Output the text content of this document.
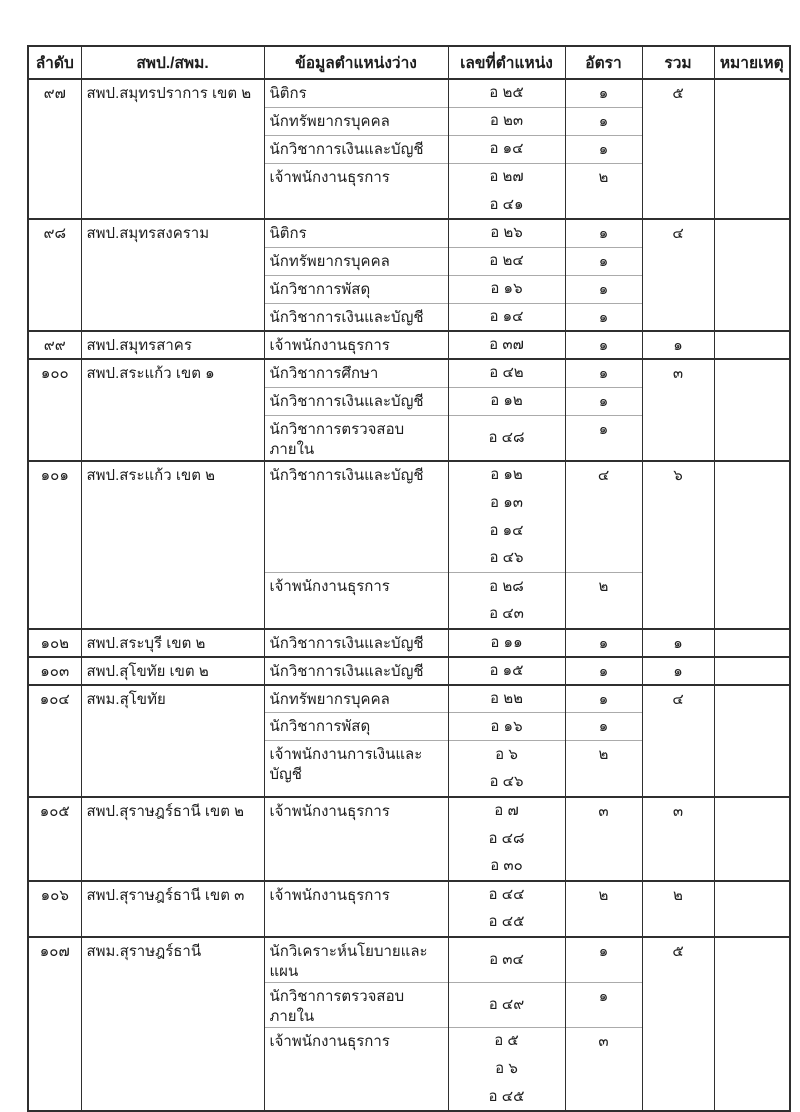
ลำดับ	สพป./สพม.	ข้อมูลตำแหน่งว่าง	เลขที่ตำแหน่ง	อัตรา	รวม	หมายเหตุ
๙๗	สพป.สมุทรปราการ เขต ๒	นิติกร	อ ๒๕	๑	๕	
		นักทรัพยากรบุคคล	อ ๒๓	๑		
		นักวิชาการเงินและบัญชี	อ ๑๔	๑		
		เจ้าพนักงานธุรการ	อ ๒๗	๒		
			อ ๔๑			
๙๘	สพป.สมุทรสงคราม	นิติกร	อ ๒๖	๑	๔	
		นักทรัพยากรบุคคล	อ ๒๔	๑		
		นักวิชาการพัสดุ	อ ๑๖	๑		
		นักวิชาการเงินและบัญชี	อ ๑๔	๑		
๙๙	สพป.สมุทรสาคร	เจ้าพนักงานธุรการ	อ ๓๗	๑	๑	
๑๐๐	สพป.สระแก้ว เขต ๑	นักวิชาการศึกษา	อ ๔๒	๑	๓	
		นักวิชาการเงินและบัญชี	อ ๑๒	๑		
		นักวิชาการตรวจสอบภายใน	อ ๔๘	๑		
๑๐๑	สพป.สระแก้ว เขต ๒	นักวิชาการเงินและบัญชี	อ ๑๒	๔	๖	
			อ ๑๓			
			อ ๑๔			
			อ ๔๖			
		เจ้าพนักงานธุรการ	อ ๒๘	๒		
			อ ๔๓			
๑๐๒	สพป.สระบุรี เขต ๒	นักวิชาการเงินและบัญชี	อ ๑๑	๑	๑	
๑๐๓	สพป.สุโขทัย เขต ๒	นักวิชาการเงินและบัญชี	อ ๑๕	๑	๑	
๑๐๔	สพม.สุโขทัย	นักทรัพยากรบุคคล	อ ๒๒	๑	๔	
		นักวิชาการพัสดุ	อ ๑๖	๑		
		เจ้าพนักงานการเงินและบัญชี	อ ๖	๒		
			อ ๔๖			
๑๐๕	สพป.สุราษฎร์ธานี เขต ๒	เจ้าพนักงานธุรการ	อ ๗	๓	๓	
			อ ๔๘			
			อ ๓๐			
๑๐๖	สพป.สุราษฎร์ธานี เขต ๓	เจ้าพนักงานธุรการ	อ ๔๔	๒	๒	
			อ ๔๕			
๑๐๗	สพม.สุราษฎร์ธานี	นักวิเคราะห์นโยบายและแผน	อ ๓๔	๑	๕	
		นักวิชาการตรวจสอบภายใน	อ ๔๙	๑		
		เจ้าพนักงานธุรการ	อ ๕	๓		
			อ ๖			
			อ ๔๕			
